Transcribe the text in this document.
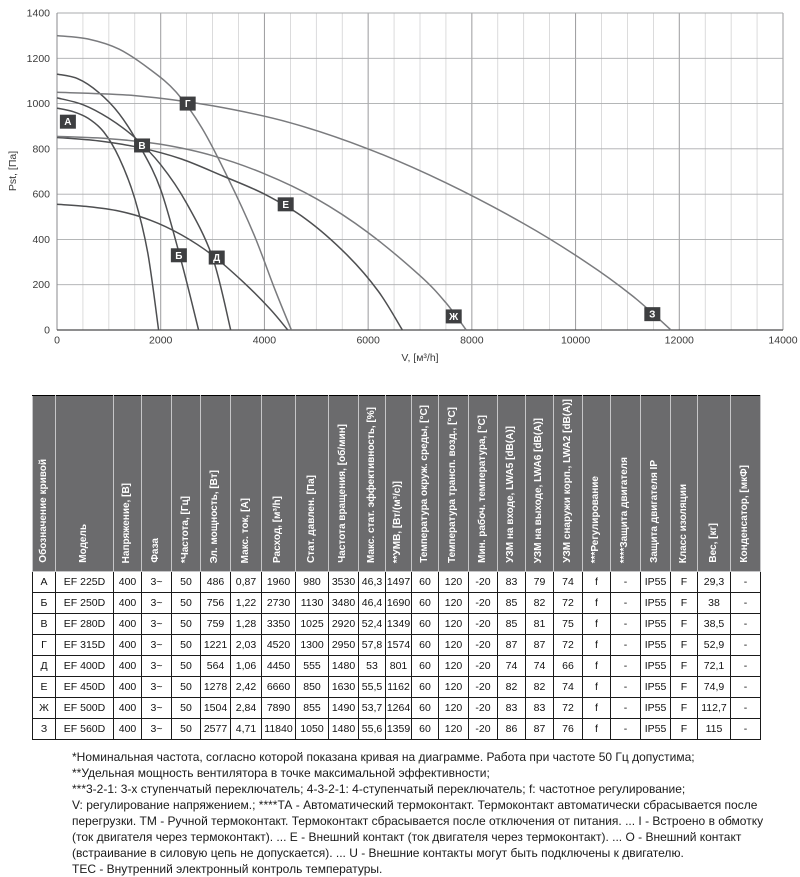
А
Б
В
Г
Д
Е
Ж	З
0	2000	4000	6000	8000	10000	12000	14000
0
200
400
600
800
1000
1200
1400
Pst, [Па]
V, [м³/h]
Обозначение кривой	Модель	Напряжение, [В]	Фаза	*Частота, [Гц]	Эл. мощность, [Вт]	Макс. ток, [А]	Расход, [м³/h]	Стат. давлен. [Па]	Частота вращения, [об/мин]	Макс. стат. эффективность, [%]	**УМВ, [Вт/(м³/с)]	Температура окруж. среды, [°C]	Температура трансп. возд., [°C]	Мин. рабоч. температура, [°C]	УЗМ на входе, LWA5 [dB(A)]	УЗМ на выходе, LWA6 [dB(A)]	УЗМ снаружи корп., LWA2 [dB(A)]	***Регулирование	****Защита двигателя	Защита двигателя IP	Класс изоляции	Вес, [кг]	Конденсатор, [мкФ]
А	EF 225D	400	3~	50	486	0,87	1960	980	3530	46,3	1497	60	120	-20	83	79	74	f	-	IP55	F	29,3	-
Б	EF 250D	400	3~	50	756	1,22	2730	1130	3480	46,4	1690	60	120	-20	85	82	72	f	-	IP55	F	38	-
В	EF 280D	400	3~	50	759	1,28	3350	1025	2920	52,4	1349	60	120	-20	85	81	75	f	-	IP55	F	38,5	-
Г	EF 315D	400	3~	50	1221	2,03	4520	1300	2950	57,8	1574	60	120	-20	87	87	72	f	-	IP55	F	52,9	-
Д	EF 400D	400	3~	50	564	1,06	4450	555	1480	53	801	60	120	-20	74	74	66	f	-	IP55	F	72,1	-
Е	EF 450D	400	3~	50	1278	2,42	6660	850	1630	55,5	1162	60	120	-20	82	82	74	f	-	IP55	F	74,9	-
Ж	EF 500D	400	3~	50	1504	2,84	7890	855	1490	53,7	1264	60	120	-20	83	83	72	f	-	IP55	F	112,7	-
З	EF 560D	400	3~	50	2577	4,71	11840	1050	1480	55,6	1359	60	120	-20	86	87	76	f	-	IP55	F	115	-
*Номинальная частота, согласно которой показана кривая на диаграмме. Работа при частоте 50 Гц допустима;
**Удельная мощность вентилятора в точке максимальной эффективности;
***3-2-1: 3-х ступенчатый переключатель; 4-3-2-1: 4-ступенчатый переключатель; f: частотное регулирование;
V: регулирование напряжением.; ****ТА - Автоматический термоконтакт. Термоконтакт автоматически сбрасывается после
перегрузки. ТМ - Ручной термоконтакт. Термоконтакт сбрасывается после отключения от питания. ... I - Встроено в обмотку
(ток двигателя через термоконтакт). ... Е - Внешний контакт (ток двигателя через термоконтакт). ... О - Внешний контакт
(встраивание в силовую цепь не допускается). ... U - Внешние контакты могут быть подключены к двигателю.
ТЕС - Внутренний электронный контроль температуры.
